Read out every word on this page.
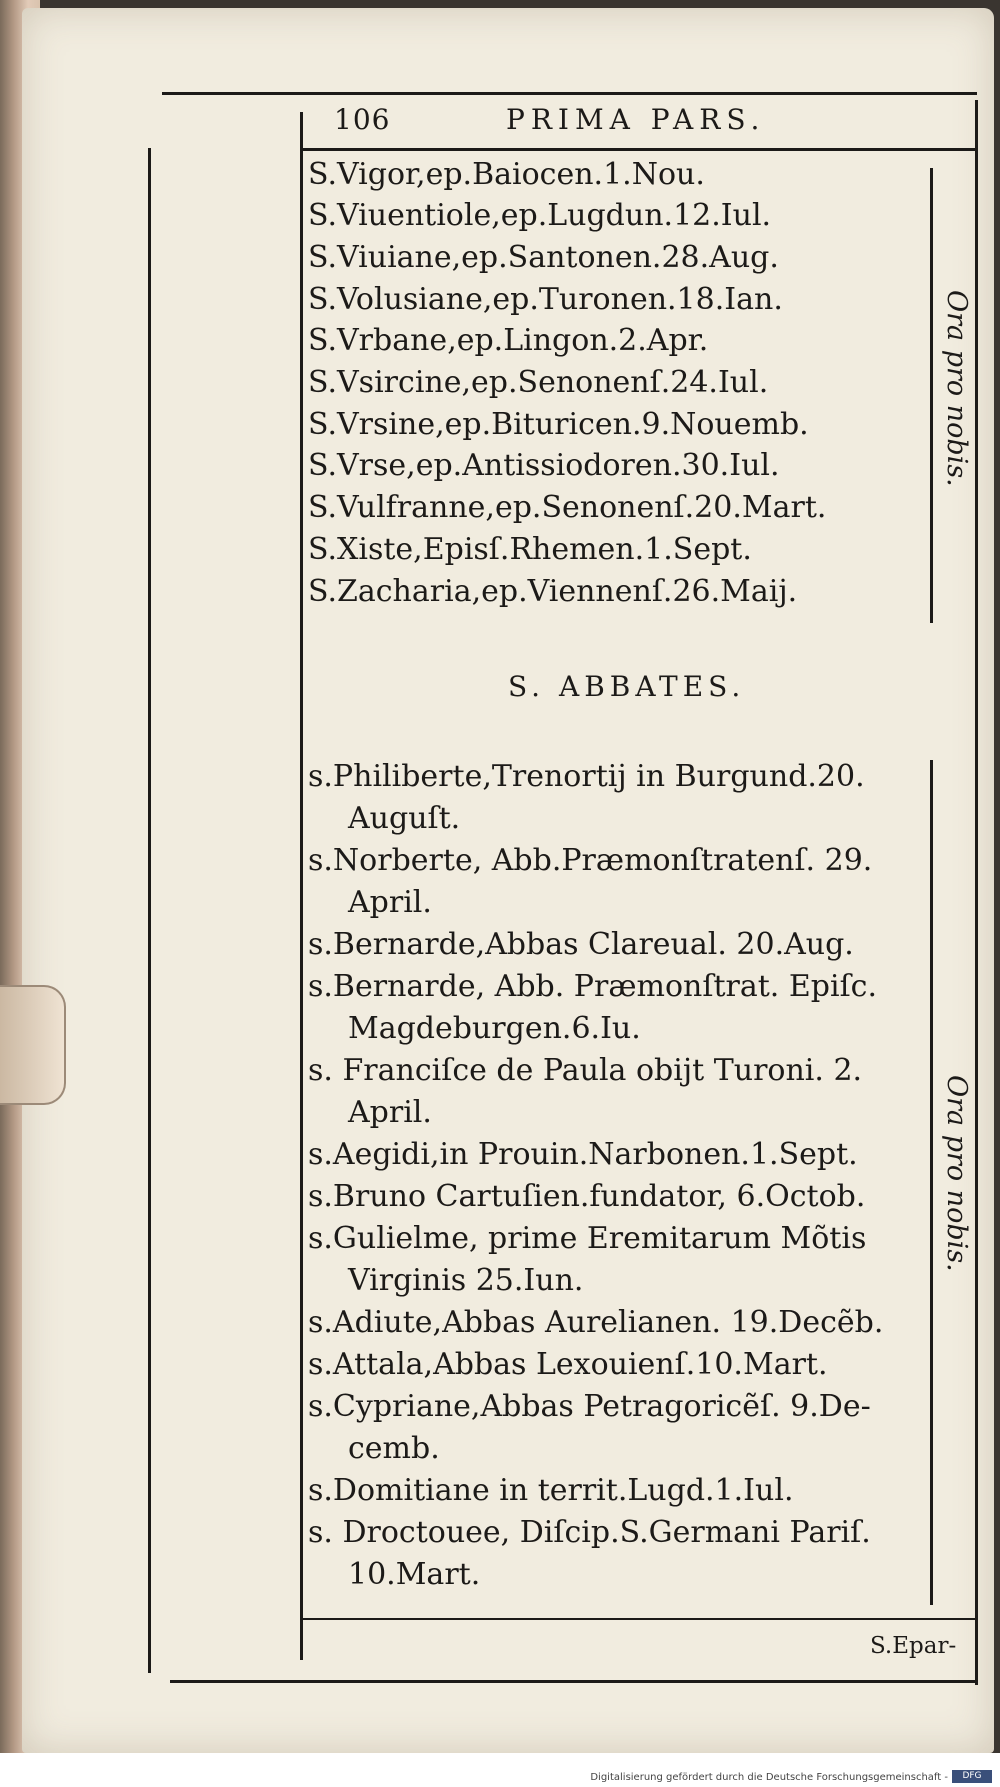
106	PRIMA PARS.
S.Vigor,ep.Baiocen.1.Nou.
S.Viuentiole,ep.Lugdun.12.Iul.
S.Viuiane,ep.Santonen.28.Aug.
S.Volusiane,ep.Turonen.18.Ian.
S.Vrbane,ep.Lingon.2.Apr.
S.Vsircine,ep.Senonenſ.24.Iul.
S.Vrsine,ep.Bituricen.9.Nouemb.
S.Vrse,ep.Antissiodoren.30.Iul.
S.Vulfranne,ep.Senonenſ.20.Mart.
S.Xiste,Episſ.Rhemen.1.Sept.
S.Zacharia,ep.Viennenſ.26.Maij.
S. ABBATES.
s.Philiberte,Trenortij in Burgund.20.
Auguſt.
s.Norberte, Abb.Præmonſtratenſ. 29.
April.
s.Bernarde,Abbas Clareual. 20.Aug.
s.Bernarde, Abb. Præmonſtrat. Epiſc.
Magdeburgen.6.Iu.
s. Franciſce de Paula obijt Turoni. 2.
April.
s.Aegidi,in Prouin.Narbonen.1.Sept.
s.Bruno Cartuſien.fundator, 6.Octob.
s.Gulielme, prime Eremitarum Mõtis
Virginis 25.Iun.
s.Adiute,Abbas Aurelianen. 19.Decẽb.
s.Attala,Abbas Lexouienſ.10.Mart.
s.Cypriane,Abbas Petragoricẽſ. 9.De-
cemb.
s.Domitiane in territ.Lugd.1.Iul.
s. Droctouee, Diſcip.S.Germani Pariſ.
10.Mart.
Ora pro nobis.
Ora pro nobis.
S.Epar-
Digitalisierung gefördert durch die Deutsche Forschungsgemeinschaft -	DFG
